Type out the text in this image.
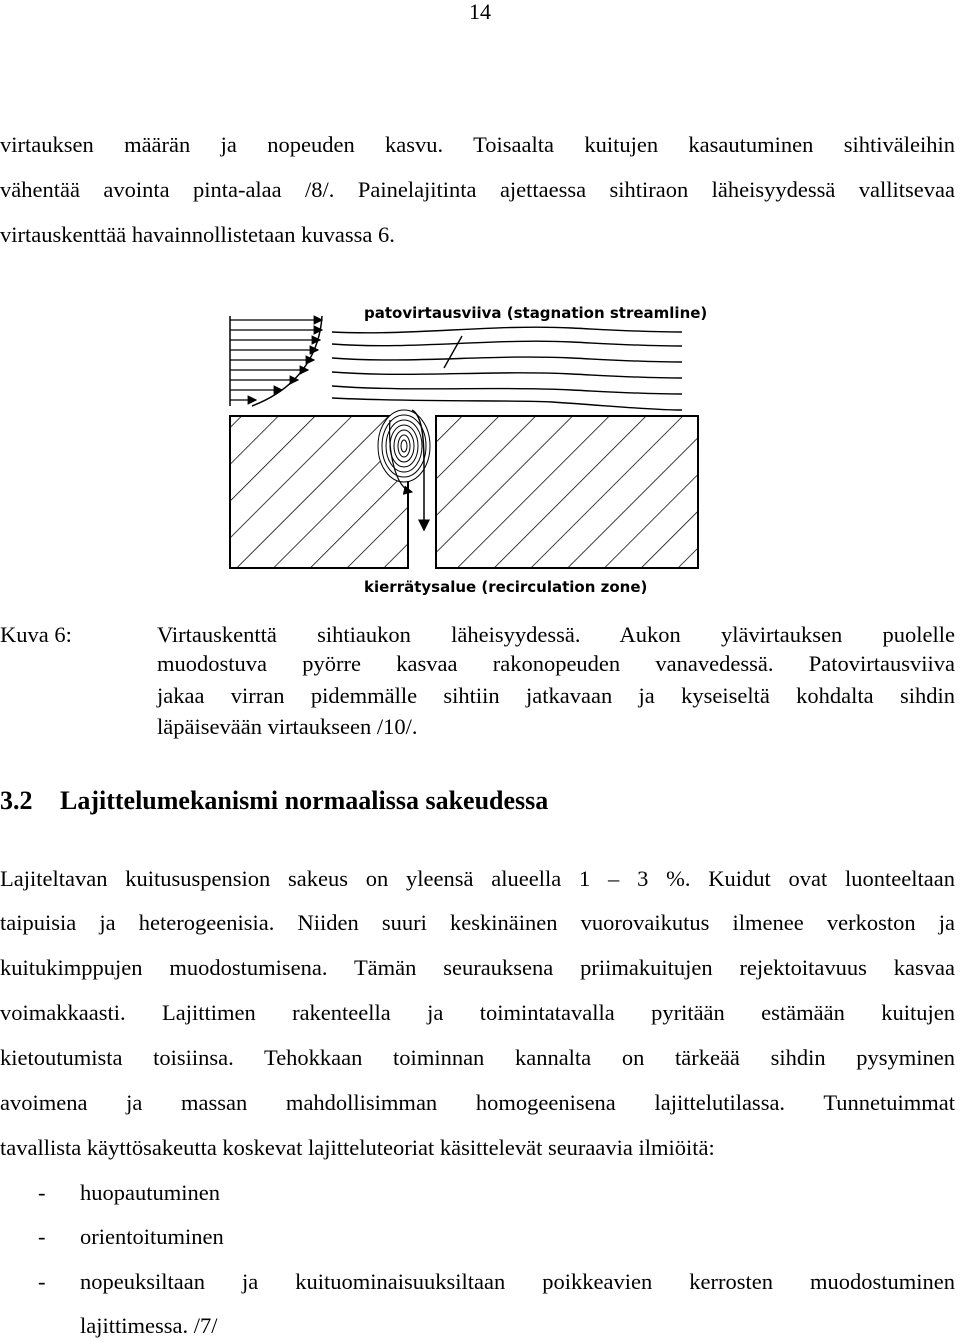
14
virtauksen määrän ja nopeuden kasvu. Toisaalta kuitujen kasautuminen sihtiväleihin
vähentää avointa pinta-alaa /8/. Painelajitinta ajettaessa sihtiraon läheisyydessä vallitsevaa
virtauskenttää havainnollistetaan kuvassa 6.
patovirtausviiva (stagnation streamline)
kierrätysalue (recirculation zone)
Kuva 6:	Virtauskenttä sihtiaukon läheisyydessä. Aukon ylävirtauksen puolelle
muodostuva pyörre kasvaa rakonopeuden vanavedessä. Patovirtausviiva
jakaa virran pidemmälle sihtiin jatkavaan ja kyseiseltä kohdalta sihdin
läpäisevään virtaukseen /10/.
3.2 Lajittelumekanismi normaalissa sakeudessa
Lajiteltavan kuitususpension sakeus on yleensä alueella 1 – 3 %. Kuidut ovat luonteeltaan
taipuisia ja heterogeenisia. Niiden suuri keskinäinen vuorovaikutus ilmenee verkoston ja
kuitukimppujen muodostumisena. Tämän seurauksena priimakuitujen rejektoitavuus kasvaa
voimakkaasti. Lajittimen rakenteella ja toimintatavalla pyritään estämään kuitujen
kietoutumista toisiinsa. Tehokkaan toiminnan kannalta on tärkeää sihdin pysyminen
avoimena ja massan mahdollisimman homogeenisena lajittelutilassa. Tunnetuimmat
tavallista käyttösakeutta koskevat lajitteluteoriat käsittelevät seuraavia ilmiöitä:
- huopautuminen
- orientoituminen
- nopeuksiltaan ja kuituominaisuuksiltaan poikkeavien kerrosten muodostuminen
lajittimessa. /7/
